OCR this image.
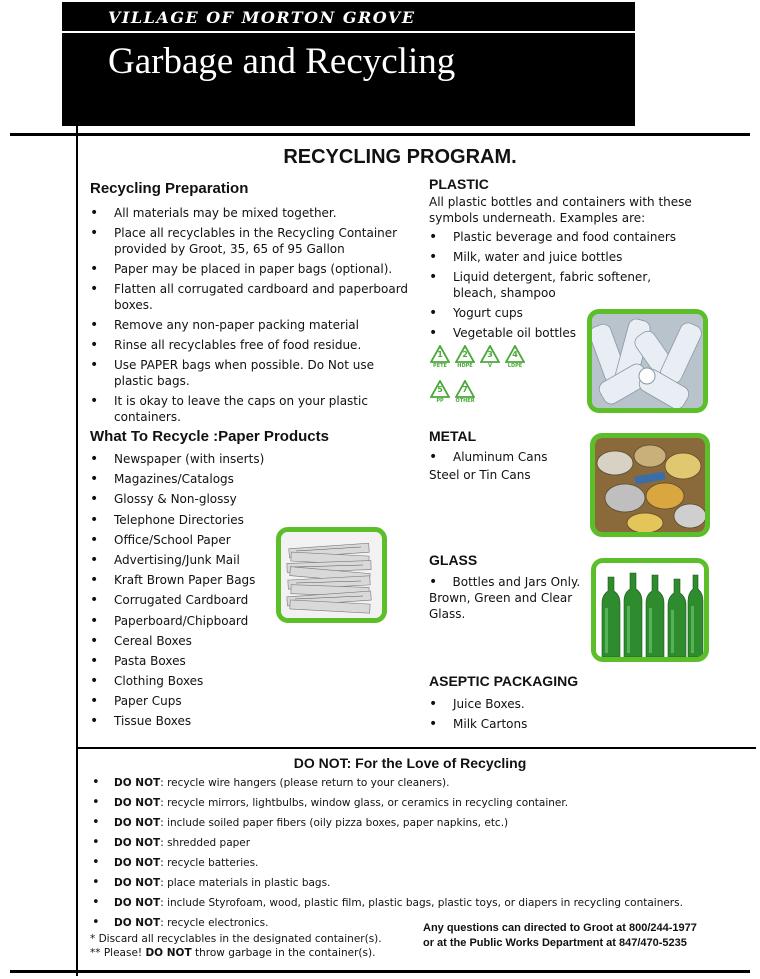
VILLAGE OF MORTON GROVE
Garbage and Recycling
RECYCLING PROGRAM.
Recycling Preparation
• All materials may be mixed together.
• Place all recyclables in the Recycling Container provided by Groot, 35, 65 of 95 Gallon
• Paper may be placed in paper bags (optional).
• Flatten all corrugated cardboard and paperboard boxes.
• Remove any non-paper packing material
• Rinse all recyclables free of food residue.
• Use PAPER bags when possible. Do Not use plastic bags.
• It is okay to leave the caps on your plastic containers.
What To Recycle :Paper Products
• Newspaper (with inserts)
• Magazines/Catalogs
• Glossy & Non-glossy
• Telephone Directories
• Office/School Paper
• Advertising/Junk Mail
• Kraft Brown Paper Bags
• Corrugated Cardboard
• Paperboard/Chipboard
• Cereal Boxes
• Pasta Boxes
• Clothing Boxes
• Paper Cups
• Tissue Boxes
PLASTIC
All plastic bottles and containers with these symbols underneath. Examples are:
• Plastic beverage and food containers
• Milk, water and juice bottles
• Liquid detergent, fabric softener, bleach, shampoo
• Yogurt cups
• Vegetable oil bottles
1
PETE
2
HDPE
3
V
4
LDPE
5
PP
7
OTHER
METAL
• Aluminum Cans
Steel or Tin Cans
GLASS
• Bottles and Jars Only. Brown, Green and Clear Glass.
ASEPTIC PACKAGING
• Juice Boxes.
• Milk Cartons
DO NOT: For the Love of Recycling
• DO NOT: recycle wire hangers (please return to your cleaners).
• DO NOT: recycle mirrors, lightbulbs, window glass, or ceramics in recycling container.
• DO NOT: include soiled paper fibers (oily pizza boxes, paper napkins, etc.)
• DO NOT: shredded paper
• DO NOT: recycle batteries.
• DO NOT: place materials in plastic bags.
• DO NOT: include Styrofoam, wood, plastic film, plastic bags, plastic toys, or diapers in recycling containers.
• DO NOT: recycle electronics.
* Discard all recyclables in the designated container(s).
** Please! DO NOT throw garbage in the container(s).
Any questions can directed to Groot at 800/244-1977
or at the Public Works Department at 847/470-5235
